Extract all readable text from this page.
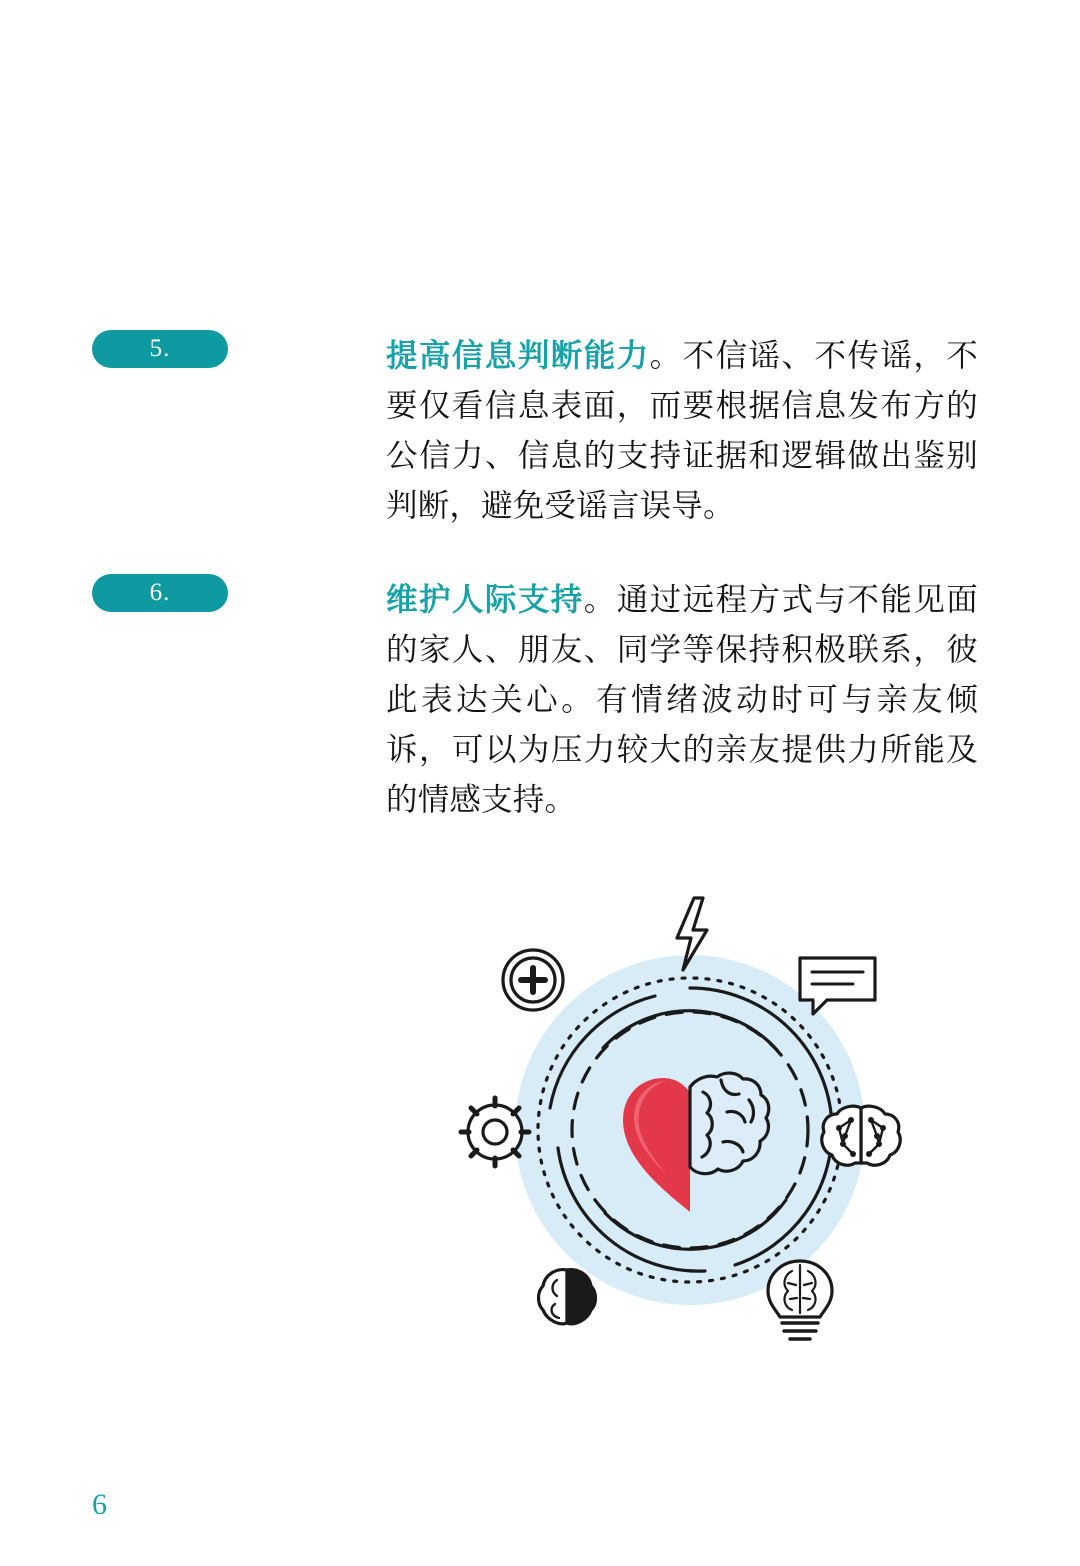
5.	提高信息判断能力。不信谣、不传谣，不要仅看信息表面，而要根据信息发布方的公信力、信息的支持证据和逻辑做出鉴别判断，避免受谣言误导。
6.	维护人际支持。通过远程方式与不能见面的家人、朋友、同学等保持积极联系，彼此表达关心。有情绪波动时可与亲友倾诉，可以为压力较大的亲友提供力所能及的情感支持。
6
